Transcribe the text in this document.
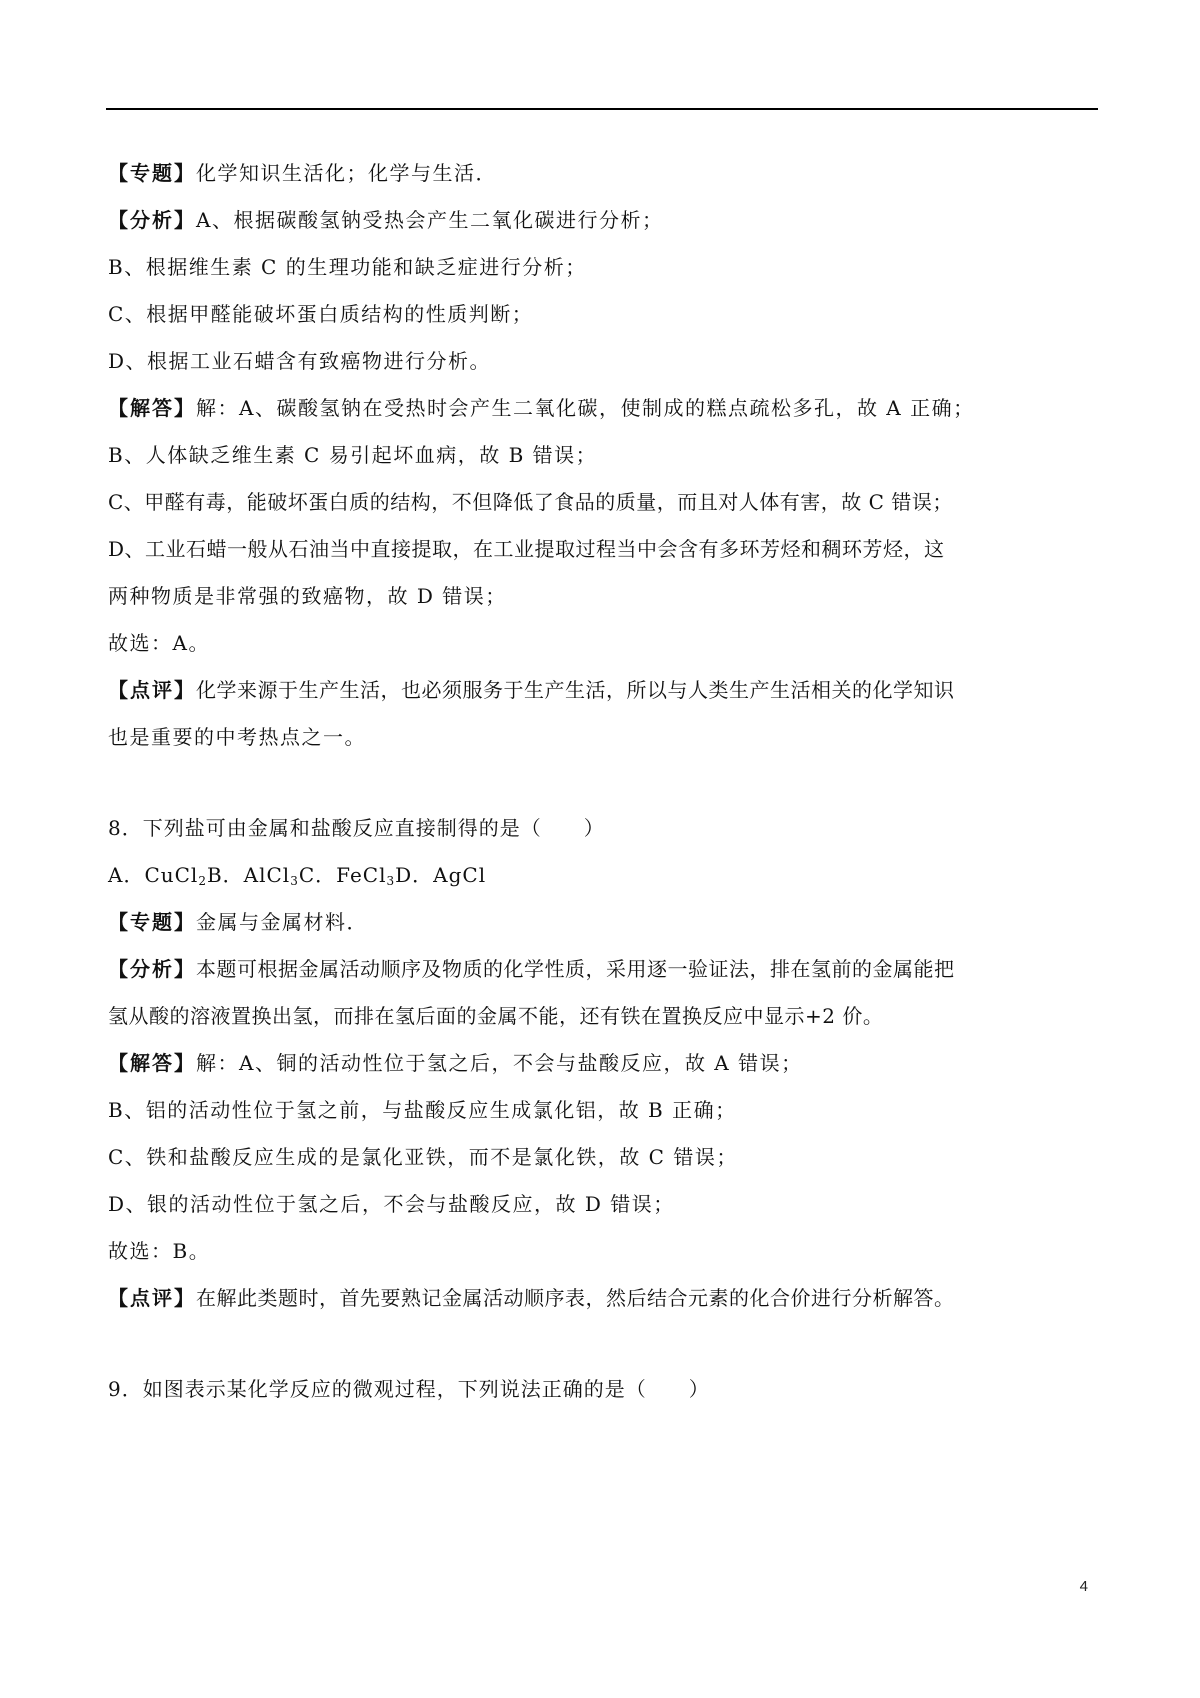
【专题】化学知识生活化；化学与生活．
【分析】A、根据碳酸氢钠受热会产生二氧化碳进行分析；
B、根据维生素 C 的生理功能和缺乏症进行分析；
C、根据甲醛能破坏蛋白质结构的性质判断；
D、根据工业石蜡含有致癌物进行分析。
【解答】解：A、碳酸氢钠在受热时会产生二氧化碳，使制成的糕点疏松多孔，故 A 正确；
B、人体缺乏维生素 C 易引起坏血病，故 B 错误；
C、甲醛有毒，能破坏蛋白质的结构，不但降低了食品的质量，而且对人体有害，故 C 错误；
D、工业石蜡一般从石油当中直接提取，在工业提取过程当中会含有多环芳烃和稠环芳烃，这
两种物质是非常强的致癌物，故 D 错误；
故选：A。
【点评】化学来源于生产生活，也必须服务于生产生活，所以与人类生产生活相关的化学知识
也是重要的中考热点之一。
8．下列盐可由金属和盐酸反应直接制得的是（　　）
A．CuCl$_2$B．AlCl$_3$C．FeCl$_3$D．AgCl
【专题】金属与金属材料．
【分析】本题可根据金属活动顺序及物质的化学性质，采用逐一验证法，排在氢前的金属能把
氢从酸的溶液置换出氢，而排在氢后面的金属不能，还有铁在置换反应中显示+2 价。
【解答】解：A、铜的活动性位于氢之后，不会与盐酸反应，故 A 错误；
B、铝的活动性位于氢之前，与盐酸反应生成氯化铝，故 B 正确；
C、铁和盐酸反应生成的是氯化亚铁，而不是氯化铁，故 C 错误；
D、银的活动性位于氢之后，不会与盐酸反应，故 D 错误；
故选：B。
【点评】在解此类题时，首先要熟记金属活动顺序表，然后结合元素的化合价进行分析解答。
9．如图表示某化学反应的微观过程，下列说法正确的是（　　）
4
